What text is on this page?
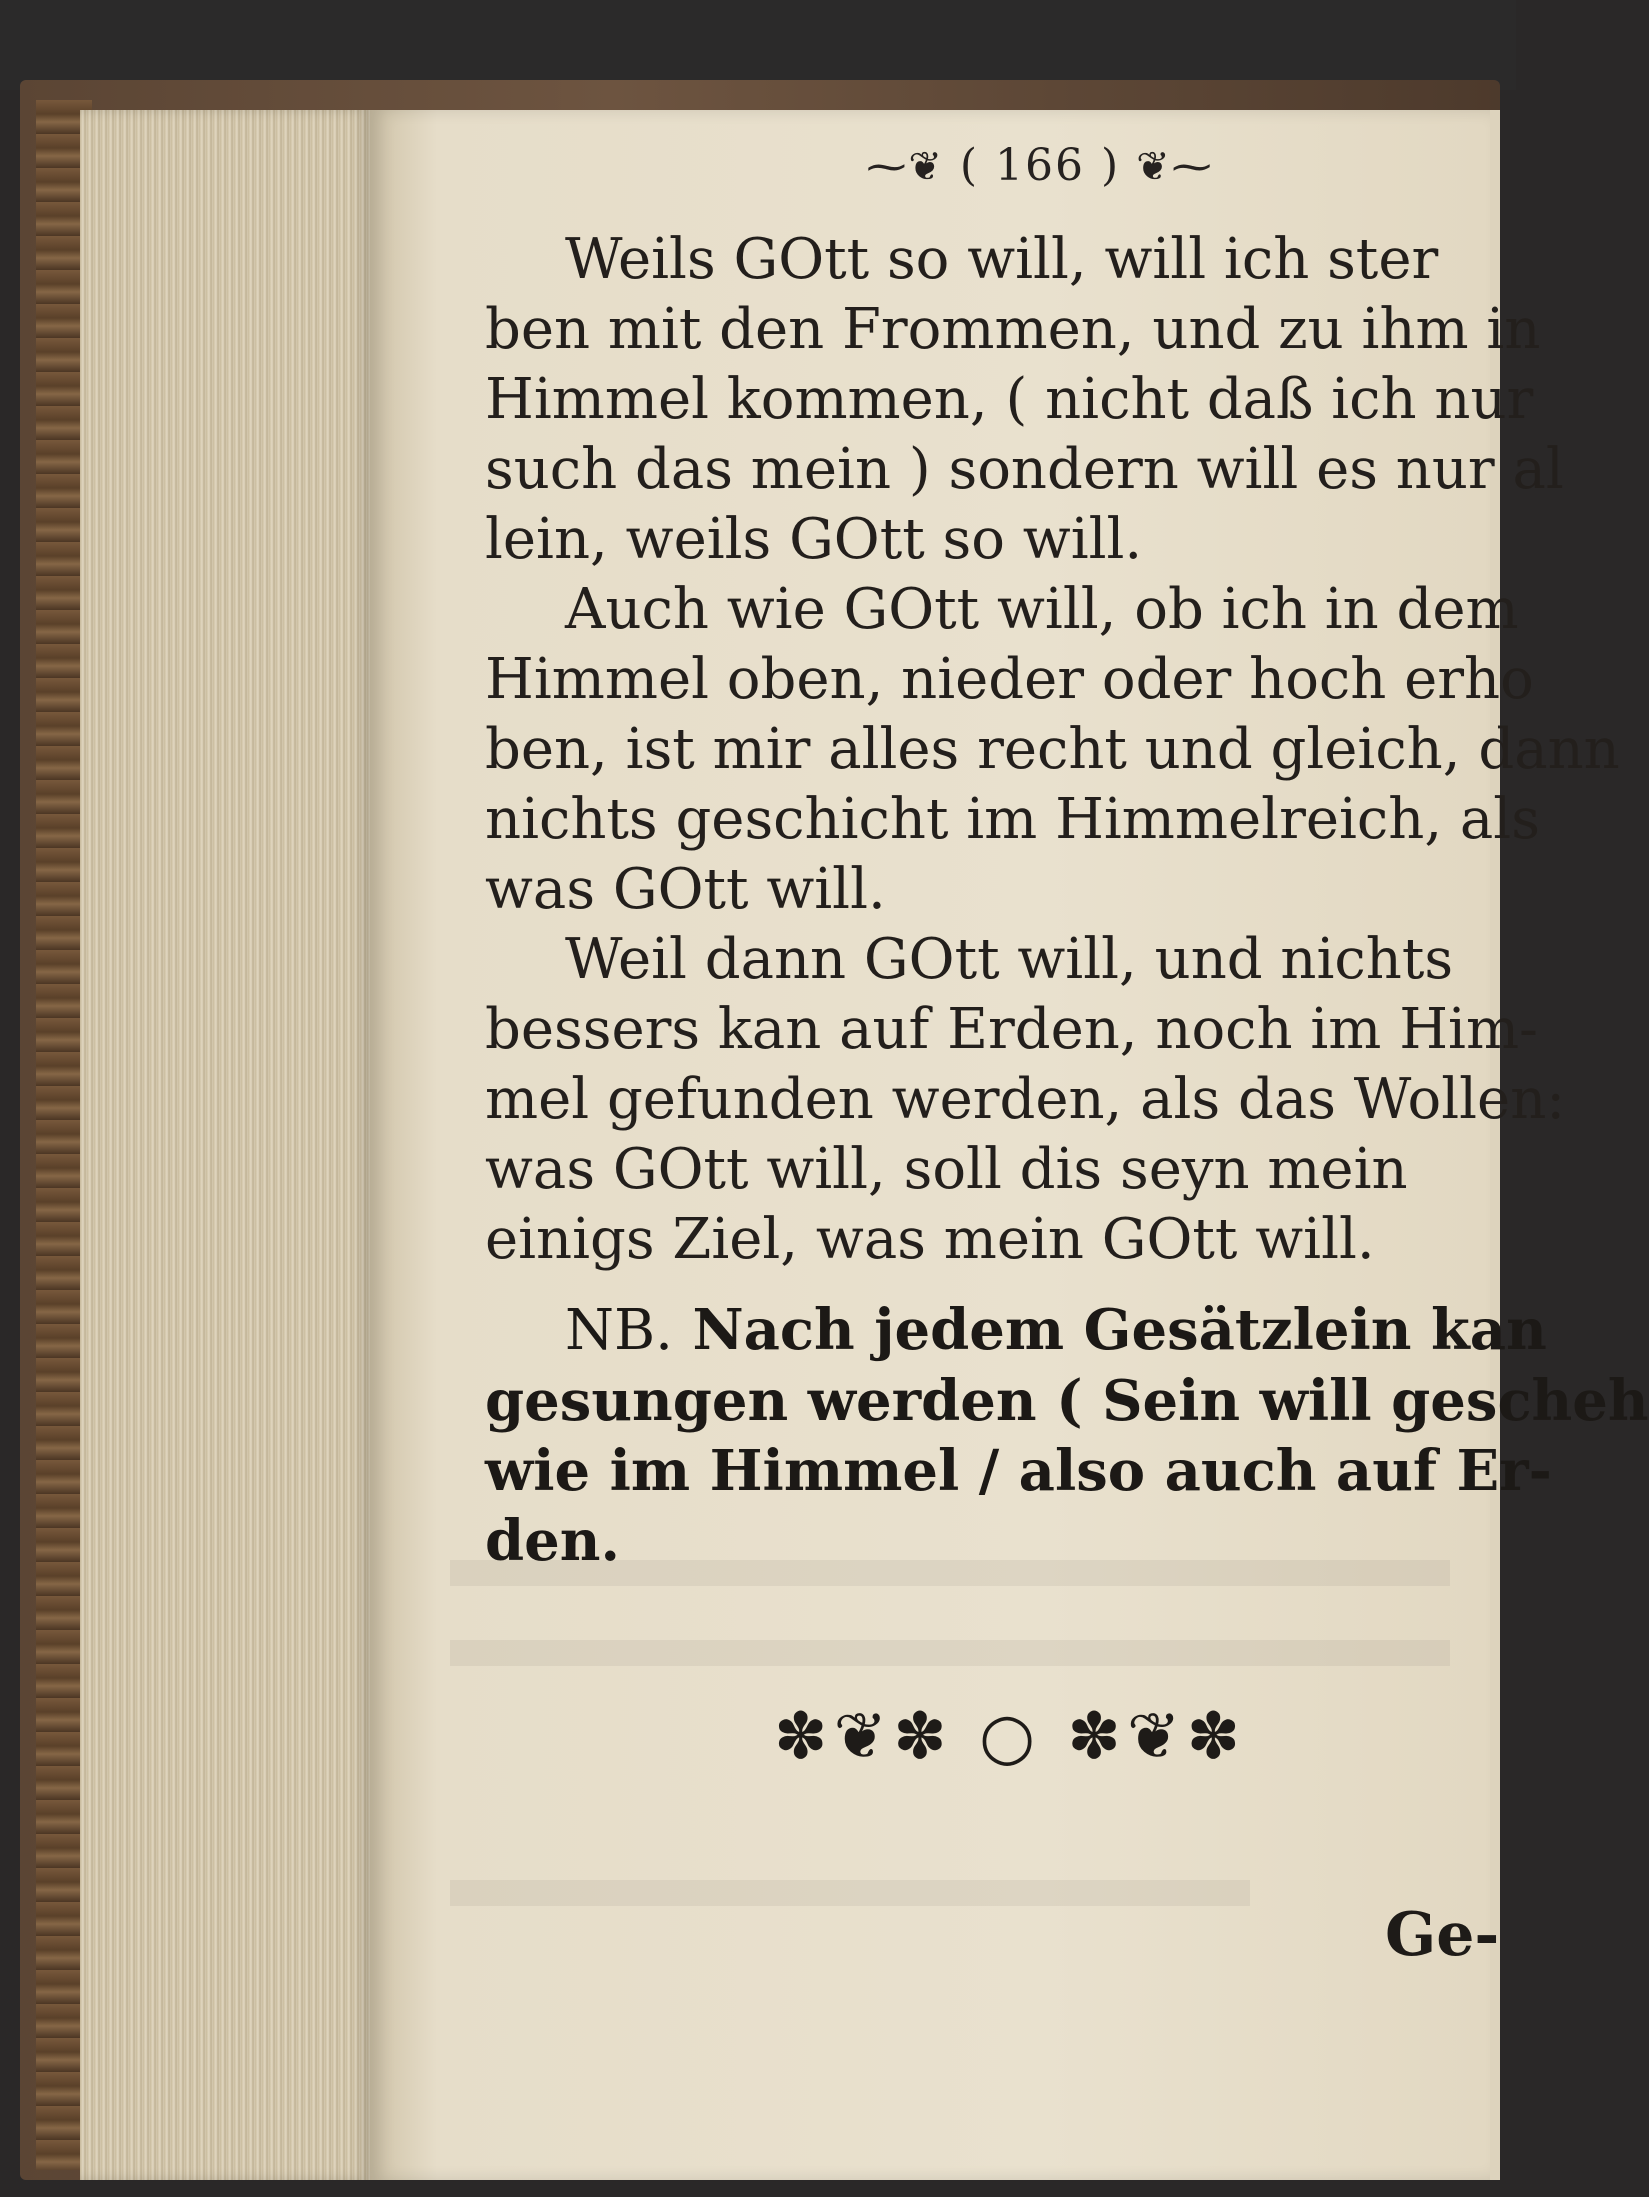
⁓❦ ( 166 ) ❦⁓

Weils GOtt so will, will ich ster

ben mit den Frommen, und zu ihm in

Himmel kommen, ( nicht daß ich nur

such das mein ) sondern will es nur al

lein, weils GOtt so will.

Auch wie GOtt will, ob ich in dem

Himmel oben, nieder oder hoch erho

ben, ist mir alles recht und gleich, dann

nichts geschicht im Himmelreich, als

was GOtt will.

Weil dann GOtt will, und nichts

bessers kan auf Erden, noch im Him-

mel gefunden werden, als das Wollen:

was GOtt will, soll dis seyn mein

einigs Ziel, was mein GOtt will.

NB. Nach jedem Gesätzlein kan

gesungen werden ( Sein will gescheh

wie im Himmel / also auch auf Er-

den.

✽❦✽ ○ ✽❦✽
Ge-
